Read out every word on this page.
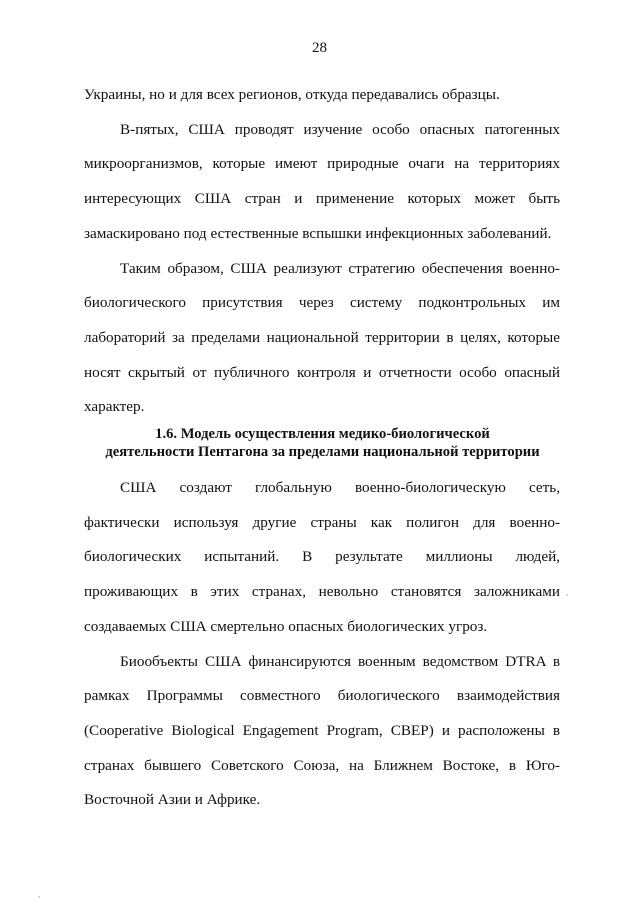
28

Украины, но и для всех регионов, откуда передавались образцы.

В-пятых, США проводят изучение особо опасных патогенных микроорганизмов, которые имеют природные очаги на территориях интересующих США стран и применение которых может быть замаскировано под естественные вспышки инфекционных заболеваний.

Таким образом, США реализуют стратегию обеспечения военно-биологического присутствия через систему подконтрольных им лабораторий за пределами национальной территории в целях, которые носят скрытый от публичного контроля и отчетности особо опасный характер.

1.6. Модель осуществления медико-биологической
деятельности Пентагона за пределами национальной территории

США создают глобальную военно-биологическую сеть, фактически используя другие страны как полигон для военно-биологических испытаний. В результате миллионы людей, проживающих в этих странах, невольно становятся заложниками создаваемых США смертельно опасных биологических угроз.

Биообъекты США финансируются военным ведомством DTRA в рамках Программы совместного биологического взаимодействия (Cooperative Biological Engagement Program, CBEP) и расположены в странах бывшего Советского Союза, на Ближнем Востоке, в Юго-Восточной Азии и Африке.
